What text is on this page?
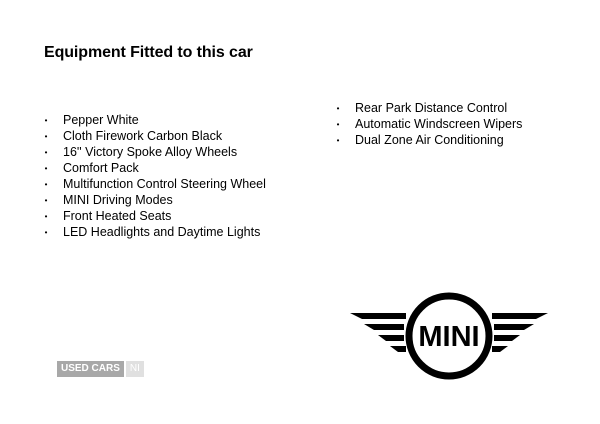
Equipment Fitted to this car
• Pepper White
• Cloth Firework Carbon Black
• 16'' Victory Spoke Alloy Wheels
• Comfort Pack
• Multifunction Control Steering Wheel
• MINI Driving Modes
• Front Heated Seats
• LED Headlights and Daytime Lights
• Rear Park Distance Control
• Automatic Windscreen Wipers
• Dual Zone Air Conditioning
USED CARS	NI
MINI
